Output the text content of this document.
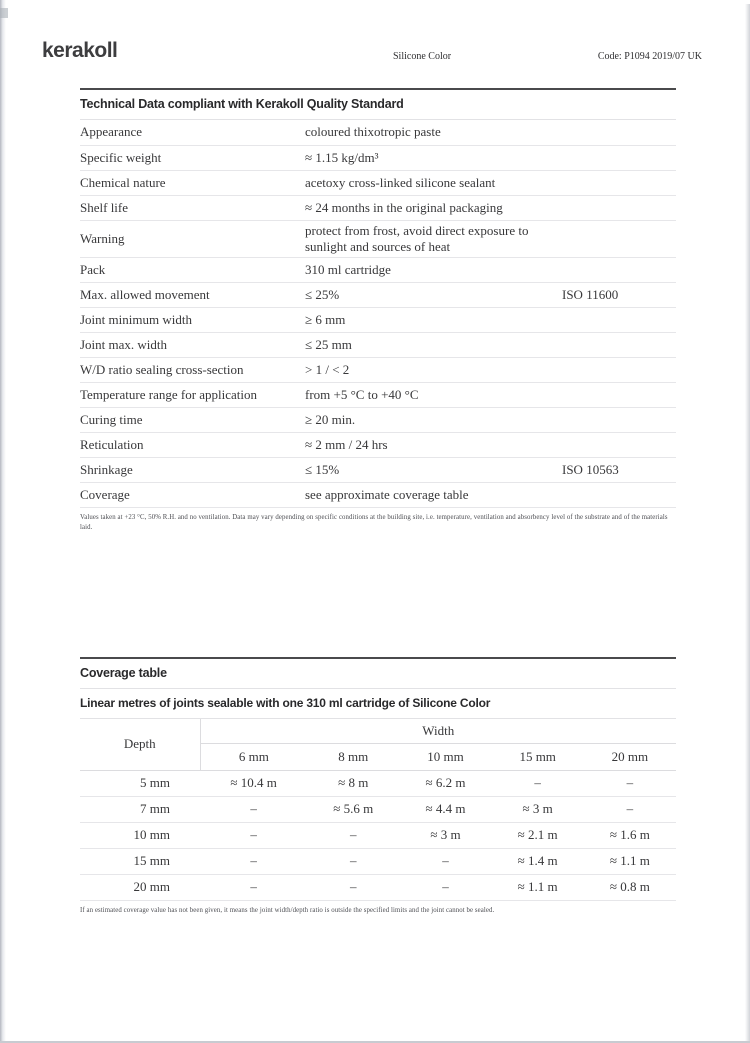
kerakoll	Silicone Color	Code: P1094 2019/07 UK
Technical Data compliant with Kerakoll Quality Standard
Appearance	coloured thixotropic paste	
Specific weight	≈ 1.15 kg/dm³	
Chemical nature	acetoxy cross-linked silicone sealant	
Shelf life	≈ 24 months in the original packaging	
Warning	protect from frost, avoid direct exposure to sunlight and sources of heat	
Pack	310 ml cartridge	
Max. allowed movement	≤ 25%	ISO 11600
Joint minimum width	≥ 6 mm	
Joint max. width	≤ 25 mm	
W/D ratio sealing cross-section	> 1 / < 2	
Temperature range for application	from +5 °C to +40 °C	
Curing time	≥ 20 min.	
Reticulation	≈ 2 mm / 24 hrs	
Shrinkage	≤ 15%	ISO 10563
Coverage	see approximate coverage table	
Values taken at +23 °C, 50% R.H. and no ventilation. Data may vary depending on specific conditions at the building site, i.e. temperature, ventilation and absorbency level of the substrate and of the materials laid.
Coverage table
Linear metres of joints sealable with one 310 ml cartridge of Silicone Color
Depth	Width				
	6 mm	8 mm	10 mm	15 mm	20 mm
5 mm	≈ 10.4 m	≈ 8 m	≈ 6.2 m	–	–
7 mm	–	≈ 5.6 m	≈ 4.4 m	≈ 3 m	–
10 mm	–	–	≈ 3 m	≈ 2.1 m	≈ 1.6 m
15 mm	–	–	–	≈ 1.4 m	≈ 1.1 m
20 mm	–	–	–	≈ 1.1 m	≈ 0.8 m
If an estimated coverage value has not been given, it means the joint width/depth ratio is outside the specified limits and the joint cannot be sealed.
